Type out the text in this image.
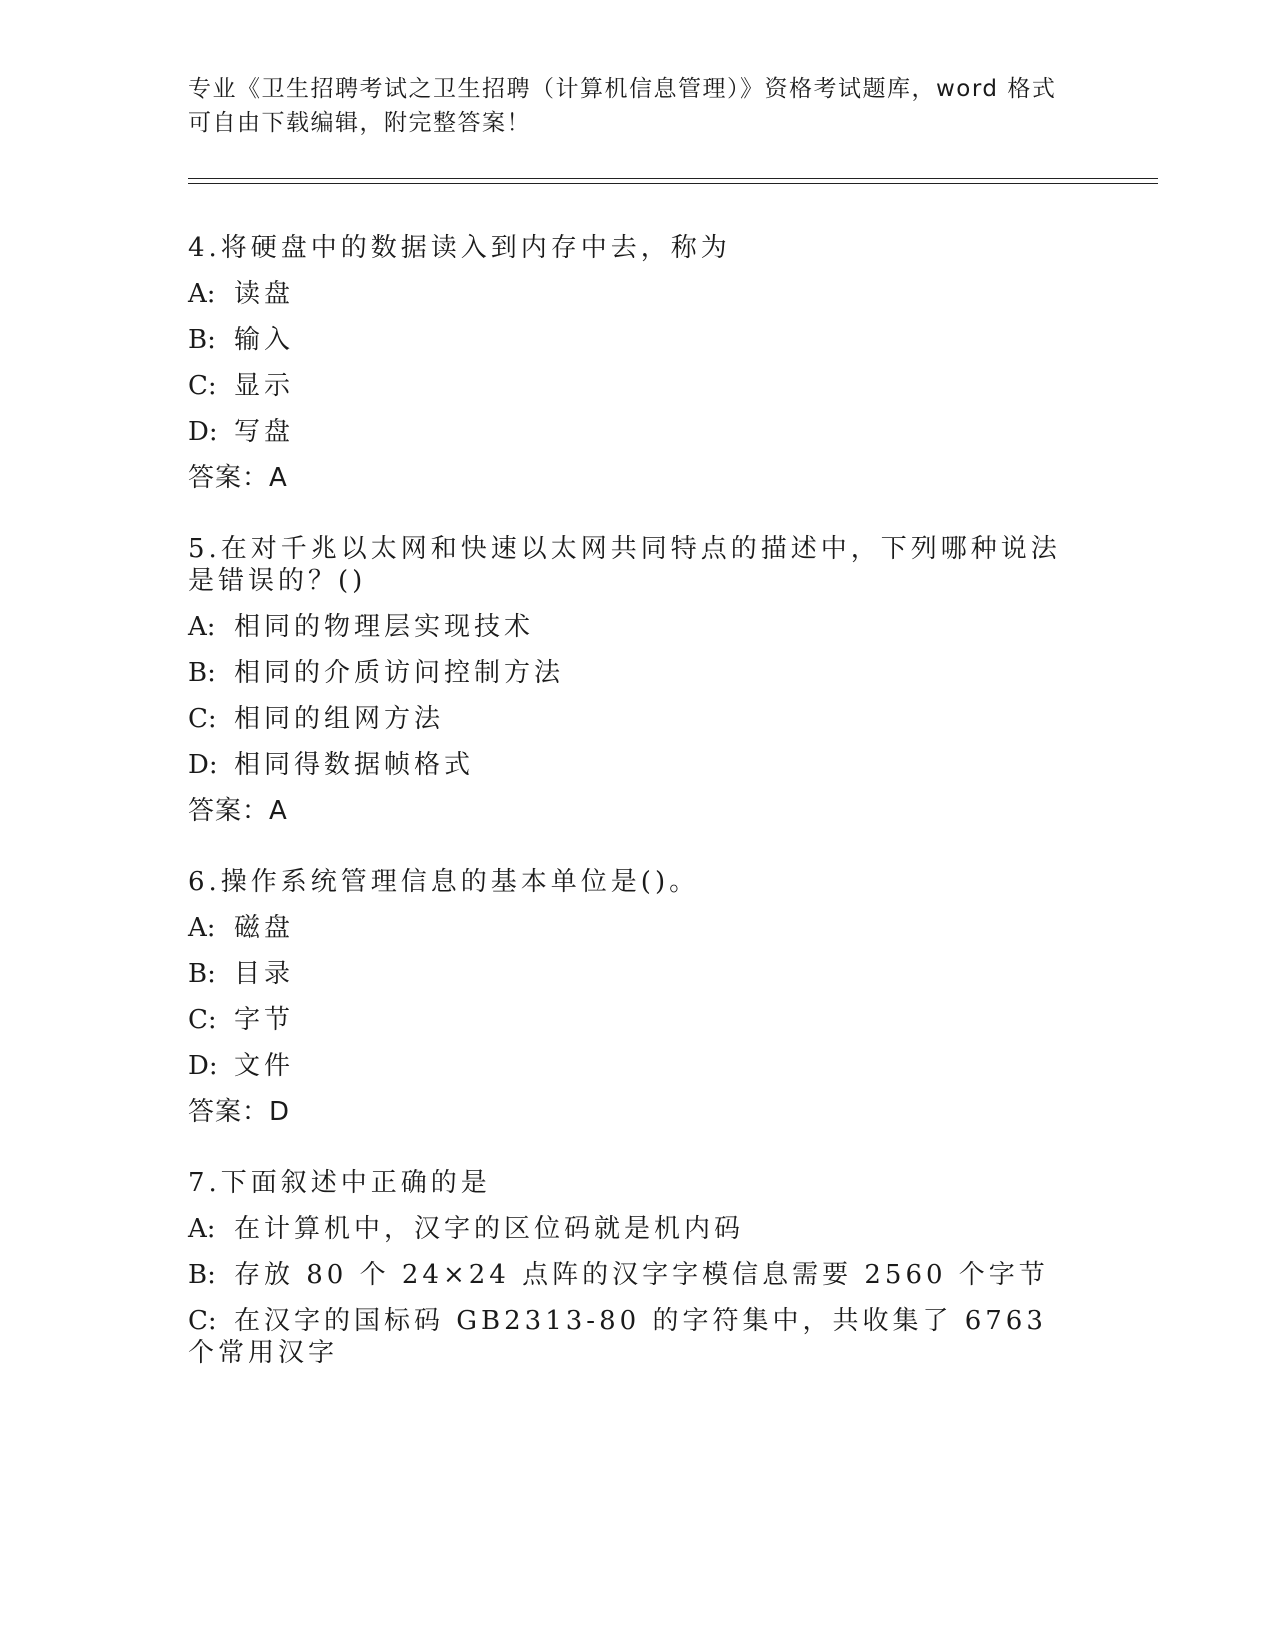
专业《卫生招聘考试之卫生招聘（计算机信息管理）》资格考试题库，word 格式
可自由下载编辑，附完整答案！
4.将硬盘中的数据读入到内存中去，称为
A: 读盘
B: 输入
C: 显示
D: 写盘
答案：A
5.在对千兆以太网和快速以太网共同特点的描述中，下列哪种说法是错误的？()
A: 相同的物理层实现技术
B: 相同的介质访问控制方法
C: 相同的组网方法
D: 相同得数据帧格式
答案：A
6.操作系统管理信息的基本单位是()。
A: 磁盘
B: 目录
C: 字节
D: 文件
答案：D
7.下面叙述中正确的是
A: 在计算机中，汉字的区位码就是机内码
B: 存放 80 个 24×24 点阵的汉字字模信息需要 2560 个字节
C: 在汉字的国标码 GB2313-80 的字符集中，共收集了 6763 个常用汉字
